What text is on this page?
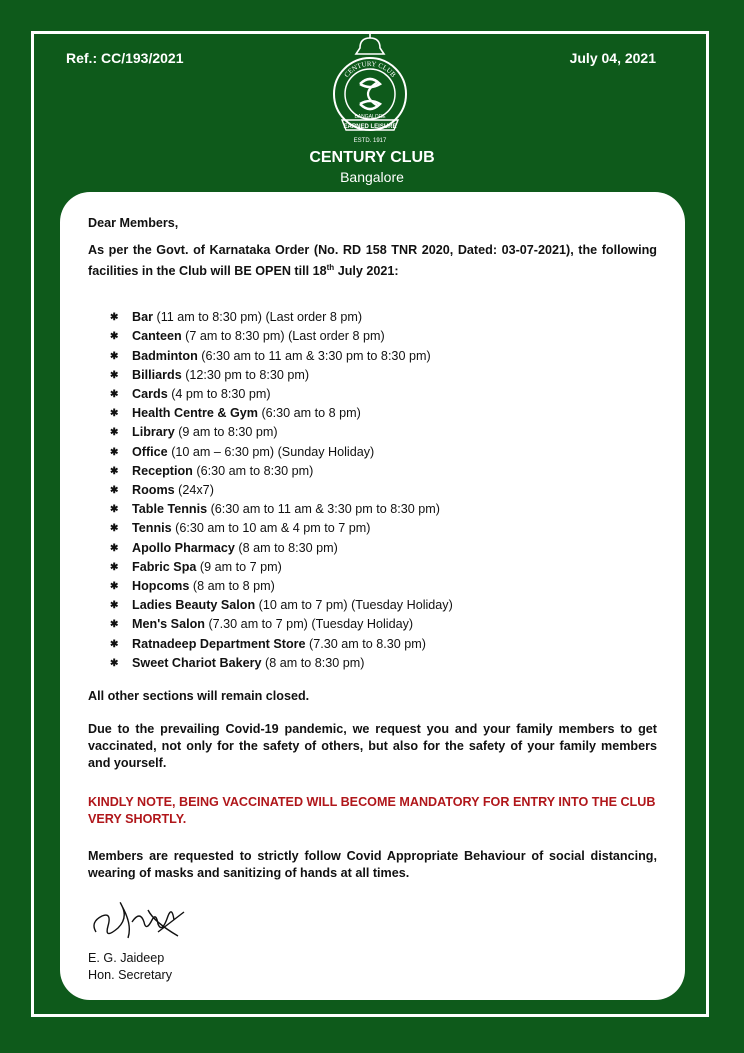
Ref.: CC/193/2021	July 04, 2021
EARNED LEISURE
ESTD. 1917
CENTURY CLUB
BANGALORE
CENTURY CLUB
Bangalore
Dear Members,
As per the Govt. of Karnataka Order (No. RD 158 TNR 2020, Dated: 03-07-2021), the following facilities in the Club will BE OPEN till 18th July 2021:
✱ Bar (11 am to 8:30 pm) (Last order 8 pm)
✱ Canteen (7 am to 8:30 pm) (Last order 8 pm)
✱ Badminton (6:30 am to 11 am & 3:30 pm to 8:30 pm)
✱ Billiards (12:30 pm to 8:30 pm)
✱ Cards (4 pm to 8:30 pm)
✱ Health Centre & Gym (6:30 am to 8 pm)
✱ Library (9 am to 8:30 pm)
✱ Office (10 am – 6:30 pm) (Sunday Holiday)
✱ Reception (6:30 am to 8:30 pm)
✱ Rooms (24x7)
✱ Table Tennis (6:30 am to 11 am & 3:30 pm to 8:30 pm)
✱ Tennis (6:30 am to 10 am & 4 pm to 7 pm)
✱ Apollo Pharmacy (8 am to 8:30 pm)
✱ Fabric Spa (9 am to 7 pm)
✱ Hopcoms (8 am to 8 pm)
✱ Ladies Beauty Salon (10 am to 7 pm) (Tuesday Holiday)
✱ Men's Salon (7.30 am to 7 pm) (Tuesday Holiday)
✱ Ratnadeep Department Store (7.30 am to 8.30 pm)
✱ Sweet Chariot Bakery (8 am to 8:30 pm)
All other sections will remain closed.
Due to the prevailing Covid-19 pandemic, we request you and your family members to get vaccinated, not only for the safety of others, but also for the safety of your family members and yourself.
KINDLY NOTE, BEING VACCINATED WILL BECOME MANDATORY FOR ENTRY INTO THE CLUB VERY SHORTLY.
Members are requested to strictly follow Covid Appropriate Behaviour of social distancing, wearing of masks and sanitizing of hands at all times.
E. G. Jaideep
Hon. Secretary
